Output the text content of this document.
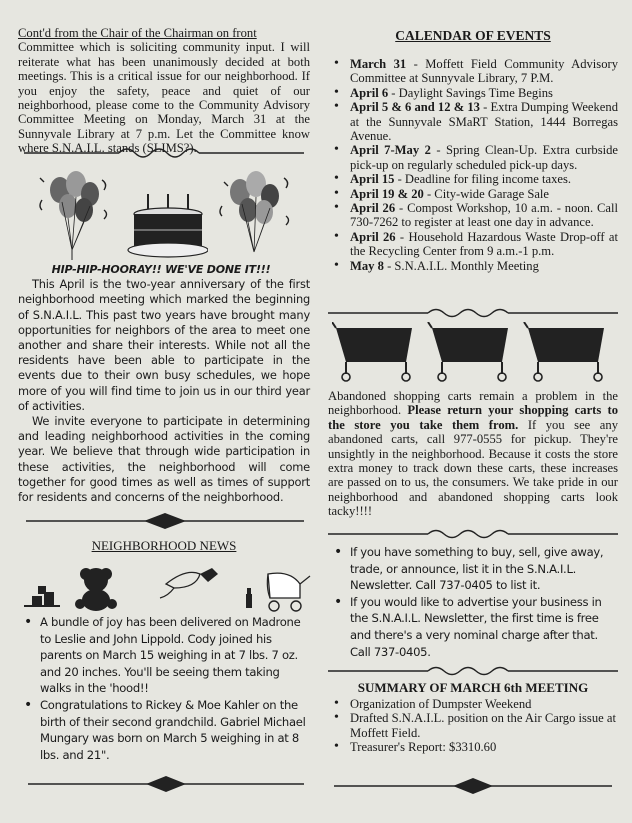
Cont'd from the Chair of the Chairman on front

Committee which is soliciting community input. I will reiterate what has been unanimously decided at both meetings. This is a critical issue for our neighborhood. If you enjoy the safety, peace and quiet of our neighborhood, please come to the Community Advisory Committee Meeting on Monday, March 31 at the Sunnyvale Library at 7 p.m. Let the Committee know where S.N.A.I.L. stands (SLIMS?).

HIP-HIP-HOORAY!! WE'VE DONE IT!!!

This April is the two-year anniversary of the first neighborhood meeting which marked the beginning of S.N.A.I.L. This past two years have brought many opportunities for neighbors of the area to meet one another and share their interests. While not all the residents have been able to participate in the events due to their own busy schedules, we hope more of you will find time to join us in our third year of activities.

We invite everyone to participate in determining and leading neighborhood activities in the coming year. We believe that through wide participation in these activities, the neighborhood will come together for good times as well as times of support for residents and concerns of the neighborhood.

NEIGHBORHOOD NEWS
• A bundle of joy has been delivered on Madrone to Leslie and John Lippold. Cody joined his parents on March 15 weighing in at 7 lbs. 7 oz. and 20 inches. You'll be seeing them taking walks in the 'hood!!
• Congratulations to Rickey & Moe Kahler on the birth of their second grandchild. Gabriel Michael Mungary was born on March 5 weighing in at 8 lbs. and 21".
CALENDAR OF EVENTS
• March 31 - Moffett Field Community Advisory Committee at Sunnyvale Library, 7 P.M.
• April 6 - Daylight Savings Time Begins
• April 5 & 6 and 12 & 13 - Extra Dumping Weekend at the Sunnyvale SMaRT Station, 1444 Borregas Avenue.
• April 7-May 2 - Spring Clean-Up. Extra curbside pick-up on regularly scheduled pick-up days.
• April 15 - Deadline for filing income taxes.
• April 19 & 20 - City-wide Garage Sale
• April 26 - Compost Workshop, 10 a.m. - noon. Call 730-7262 to register at least one day in advance.
• April 26 - Household Hazardous Waste Drop-off at the Recycling Center from 9 a.m.-1 p.m.
• May 8 - S.N.A.I.L. Monthly Meeting

Abandoned shopping carts remain a problem in the neighborhood. Please return your shopping carts to the store you take them from. If you see any abandoned carts, call 977-0555 for pickup. They're unsightly in the neighborhood. Because it costs the store extra money to track down these carts, these increases are passed on to us, the consumers. We take pride in our neighborhood and abandoned shopping carts look tacky!!!!

• If you have something to buy, sell, give away, trade, or announce, list it in the S.N.A.I.L. Newsletter. Call 737-0405 to list it.
• If you would like to advertise your business in the S.N.A.I.L. Newsletter, the first time is free and there's a very nominal charge after that. Call 737-0405.
SUMMARY OF MARCH 6th MEETING
• Organization of Dumpster Weekend
• Drafted S.N.A.I.L. position on the Air Cargo issue at Moffett Field.
• Treasurer's Report: $3310.60
